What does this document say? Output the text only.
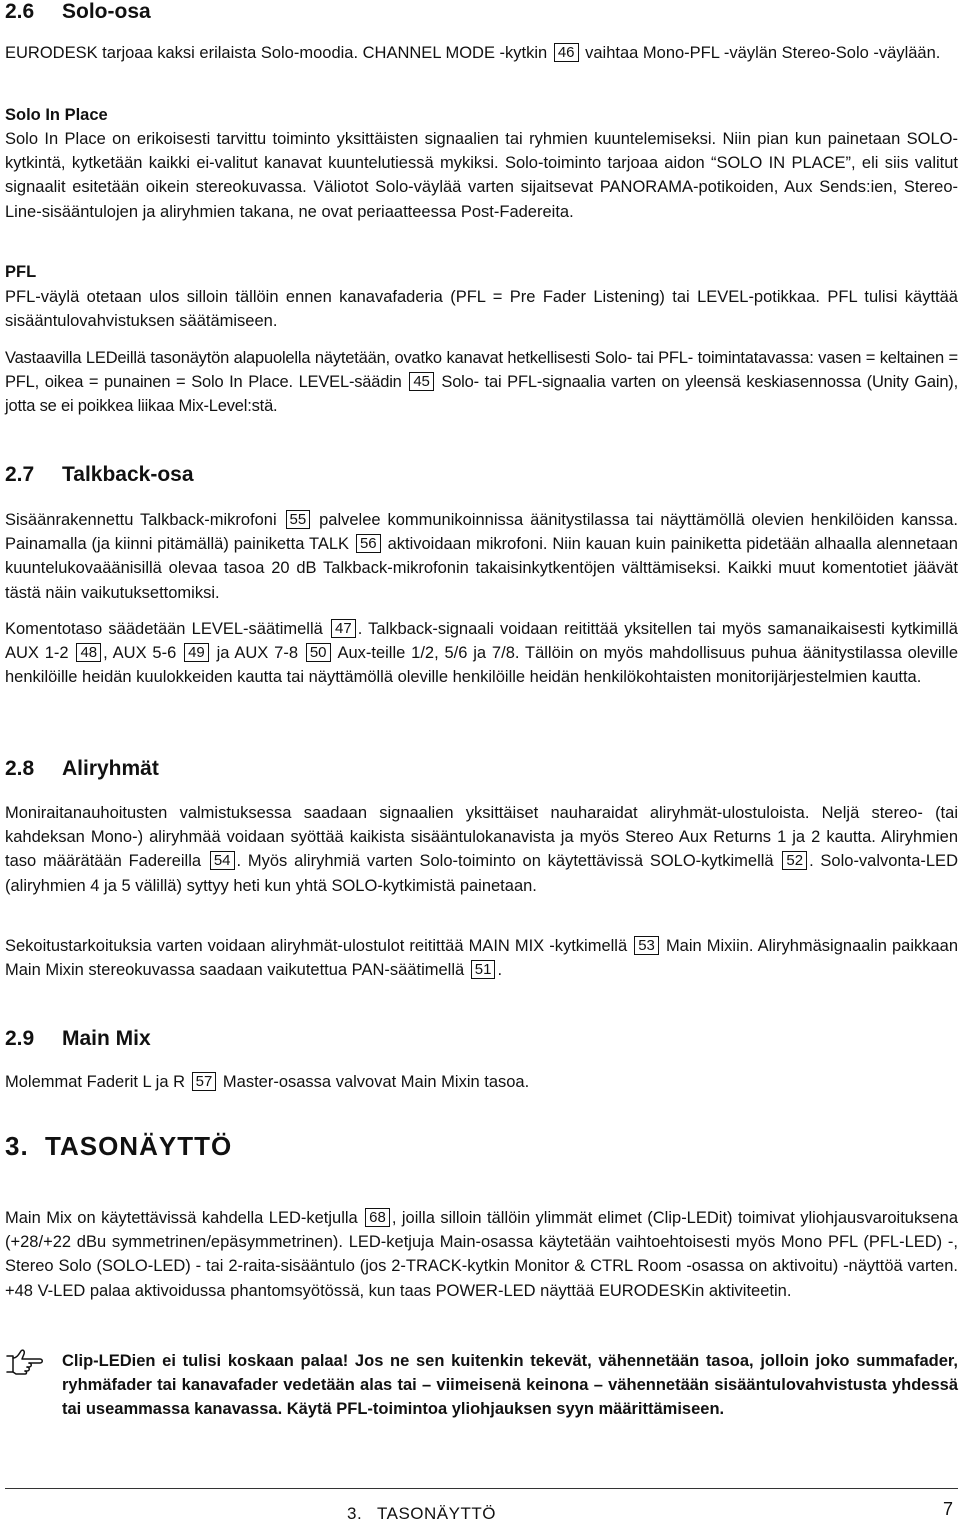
2.6 Solo-osa

EURODESK tarjoaa kaksi erilaista Solo-moodia. CHANNEL MODE -kytkin 46 vaihtaa Mono-PFL -väylän Stereo-Solo -väylään.

Solo In Place

Solo In Place on erikoisesti tarvittu toiminto yksittäisten signaalien tai ryhmien kuuntelemiseksi. Niin pian kun painetaan SOLO-kytkintä, kytketään kaikki ei-valitut kanavat kuuntelutiessä mykiksi. Solo-toiminto tarjoaa aidon “SOLO IN PLACE”, eli siis valitut signaalit esitetään oikein stereokuvassa. Väliotot Solo-väylää varten sijaitsevat PANORAMA-potikoiden, Aux Sends:ien, Stereo-Line-sisääntulojen ja aliryhmien takana, ne ovat periaatteessa Post-Fadereita.

PFL

PFL-väylä otetaan ulos silloin tällöin ennen kanavafaderia (PFL = Pre Fader Listening) tai LEVEL-potikkaa. PFL tulisi käyttää sisääntulovahvistuksen säätämiseen.

Vastaavilla LEDeillä tasonäytön alapuolella näytetään, ovatko kanavat hetkellisesti Solo- tai PFL- toimintatavassa: vasen = keltainen = PFL, oikea = punainen = Solo In Place. LEVEL-säädin 45 Solo- tai PFL-signaalia varten on yleensä keskiasennossa (Unity Gain), jotta se ei poikkea liikaa Mix-Level:stä.

2.7 Talkback-osa

Sisäänrakennettu Talkback-mikrofoni 55 palvelee kommunikoinnissa äänitystilassa tai näyttämöllä olevien henkilöiden kanssa. Painamalla (ja kiinni pitämällä) painiketta TALK 56 aktivoidaan mikrofoni. Niin kauan kuin painiketta pidetään alhaalla alennetaan kuuntelukovaäänisillä olevaa tasoa 20 dB Talkback-mikrofonin takaisinkytkentöjen välttämiseksi. Kaikki muut komentotiet jäävät tästä näin vaikutuksettomiksi.

Komentotaso säädetään LEVEL-säätimellä 47 . Talkback-signaali voidaan reitittää yksitellen tai myös samanaikaisesti kytkimillä AUX 1-2 48 , AUX 5-6 49 ja AUX 7-8 50 Aux-teille 1/2, 5/6 ja 7/8. Tällöin on myös mahdollisuus puhua äänitystilassa oleville henkilöille heidän kuulokkeiden kautta tai näyttämöllä oleville henkilöille heidän henkilökohtaisten monitorijärjestelmien kautta.

2.8 Aliryhmät

Moniraitanauhoitusten valmistuksessa saadaan signaalien yksittäiset nauharaidat aliryhmät-ulostuloista. Neljä stereo- (tai kahdeksan Mono-) aliryhmää voidaan syöttää kaikista sisääntulokanavista ja myös Stereo Aux Returns 1 ja 2 kautta. Aliryhmien taso määrätään Fadereilla 54 . Myös aliryhmiä varten Solo-toiminto on käytettävissä SOLO-kytkimellä 52 . Solo-valvonta-LED (aliryhmien 4 ja 5 välillä) syttyy heti kun yhtä SOLO-kytkimistä painetaan.

Sekoitustarkoituksia varten voidaan aliryhmät-ulostulot reitittää MAIN MIX -kytkimellä 53 Main Mixiin. Aliryhmäsignaalin paikkaan Main Mixin stereokuvassa saadaan vaikutettua PAN-säätimellä 51 .

2.9 Main Mix

Molemmat Faderit L ja R 57 Master-osassa valvovat Main Mixin tasoa.

3. TASONÄYTTÖ

Main Mix on käytettävissä kahdella LED-ketjulla 68 , joilla silloin tällöin ylimmät elimet (Clip-LEDit) toimivat yliohjausvaroituksena (+28/+22 dBu symmetrinen/epäsymmetrinen). LED-ketjuja Main-osassa käytetään vaihtoehtoisesti myös Mono PFL (PFL-LED) -, Stereo Solo (SOLO-LED) - tai 2-raita-sisääntulo (jos 2-TRACK-kytkin Monitor & CTRL Room -osassa on aktivoitu) -näyttöä varten. +48 V-LED palaa aktivoidussa phantomsyötössä, kun taas POWER-LED näyttää EURODESKin aktiviteetin.

Clip-LEDien ei tulisi koskaan palaa! Jos ne sen kuitenkin tekevät, vähennetään tasoa, jolloin joko summafader, ryhmäfader tai kanavafader vedetään alas tai – viimeisenä keinona – vähennetään sisääntulovahvistusta yhdessä tai useammassa kanavassa. Käytä PFL-toimintoa yliohjauksen syyn määrittämiseen.

3. TASONÄYTTÖ	7
